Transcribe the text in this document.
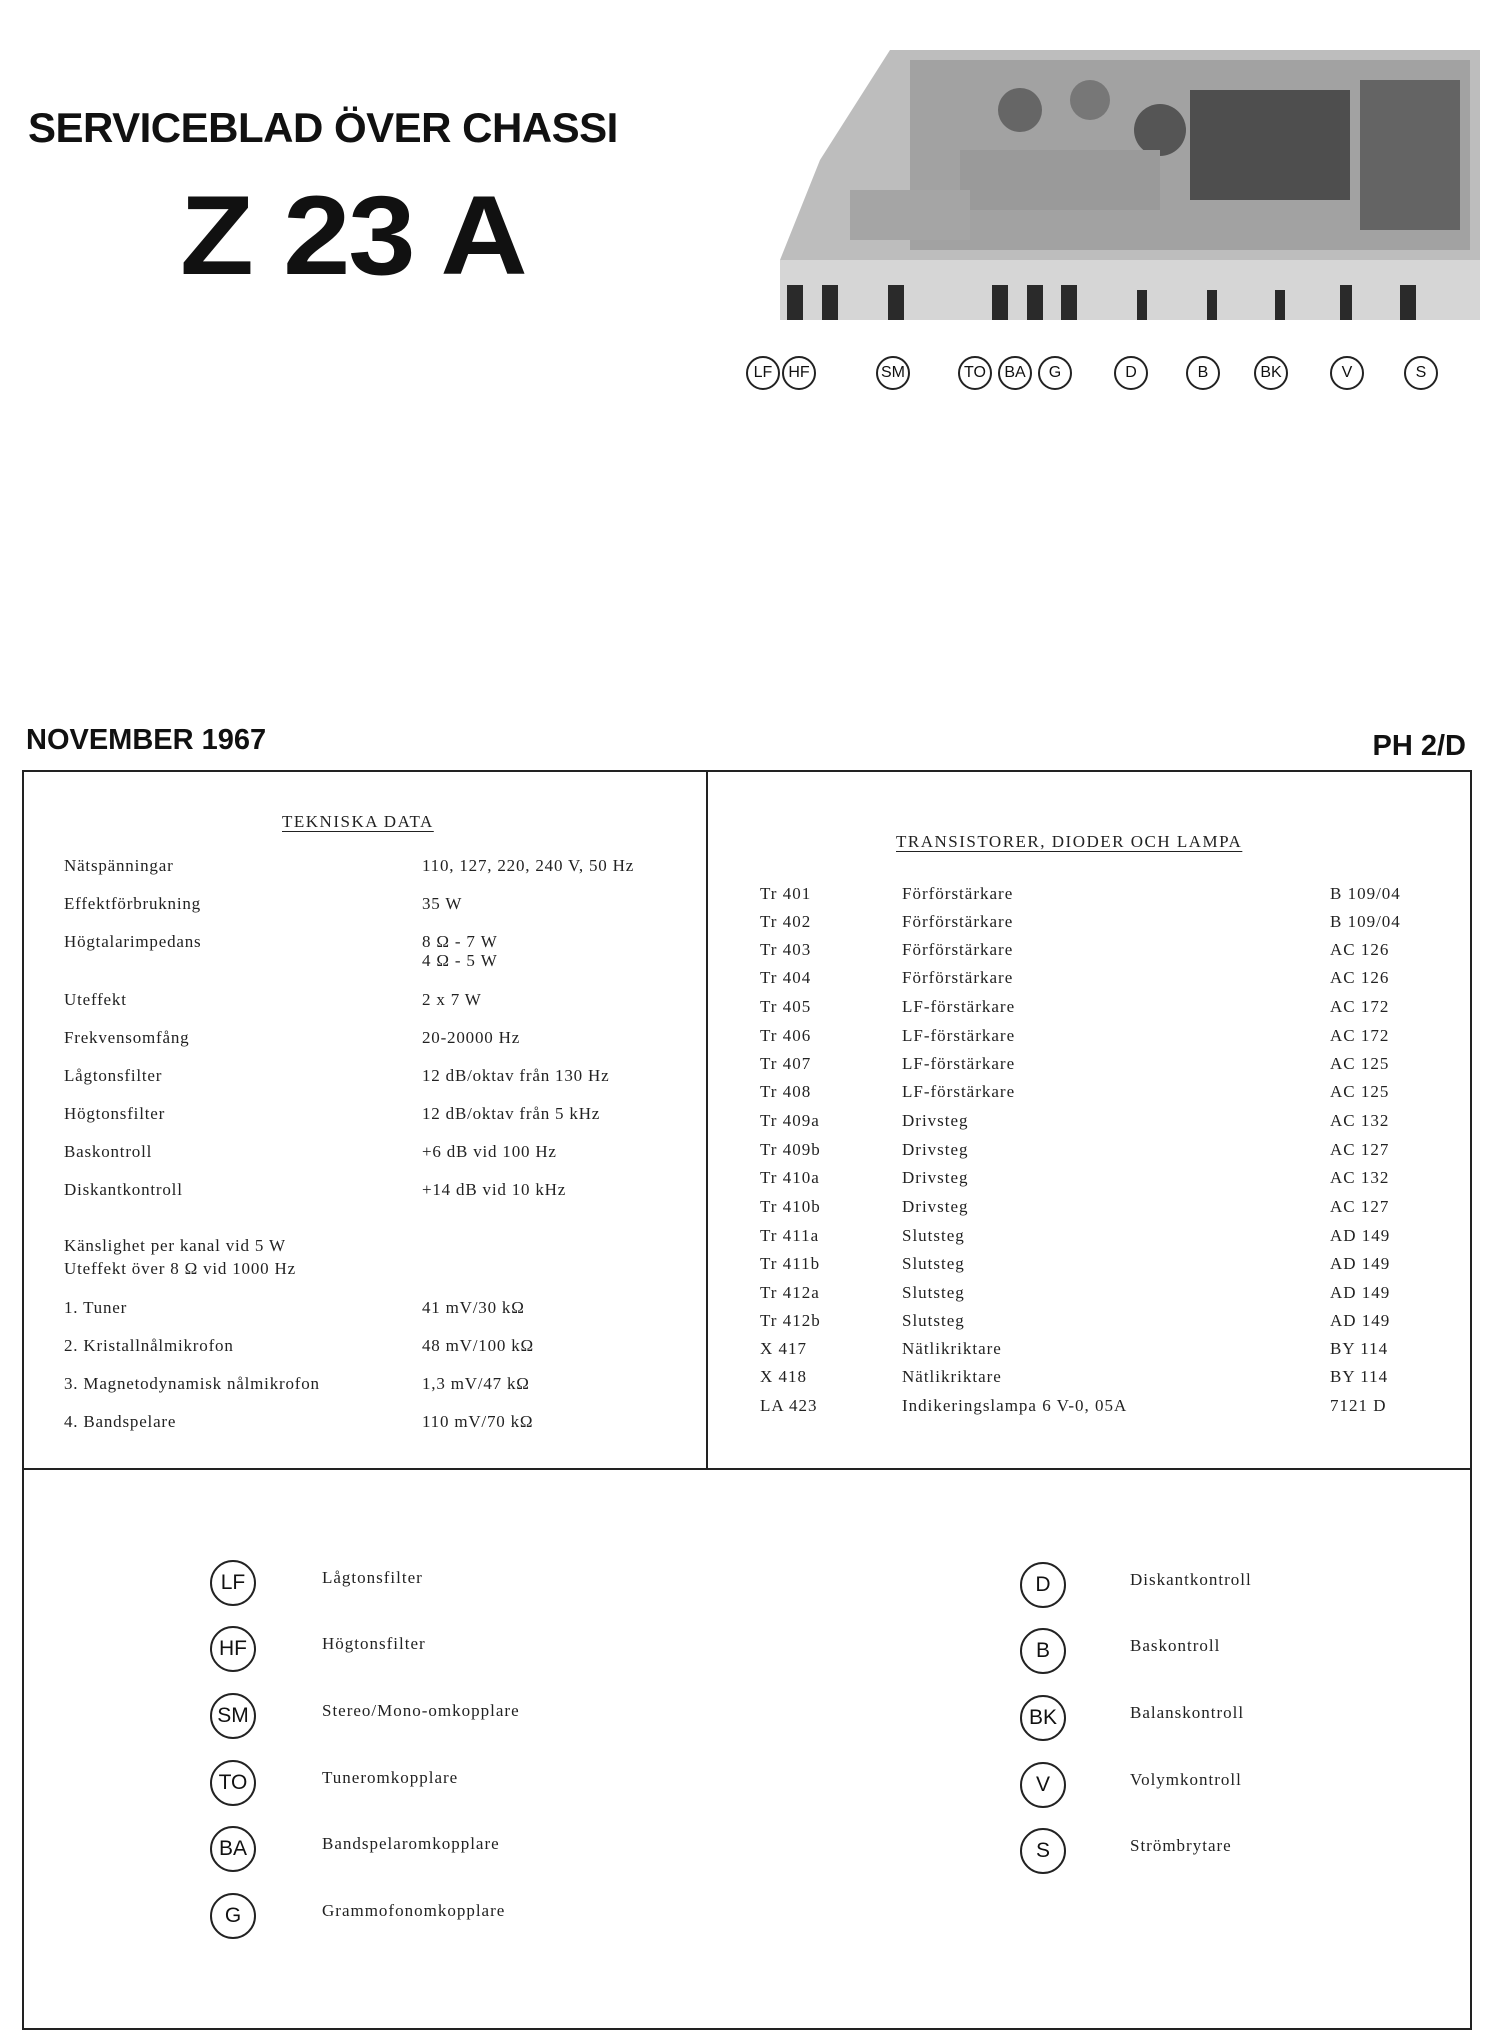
SERVICEBLAD ÖVER CHASSI
Z 23 A
LF	HF	SM	TO	BA	G	D	B	BK	V	S
NOVEMBER 1967	PH 2/D
TEKNISKA DATA
Nätspänningar	110, 127, 220, 240 V, 50 Hz
Effektförbrukning	35 W
Högtalarimpedans	8 Ω - 7 W
4 Ω - 5 W
Uteffekt	2 x 7 W
Frekvensomfång	20-20000 Hz
Lågtonsfilter	12 dB/oktav från 130 Hz
Högtonsfilter	12 dB/oktav från 5 kHz
Baskontroll	+6 dB vid 100 Hz
Diskantkontroll	+14 dB vid 10 kHz
Känslighet per kanal vid 5 W
Uteffekt över 8 Ω vid 1000 Hz
1. Tuner	41 mV/30 kΩ
2. Kristallnålmikrofon	48 mV/100 kΩ
3. Magnetodynamisk nålmikrofon	1,3 mV/47 kΩ
4. Bandspelare	110 mV/70 kΩ
TRANSISTORER, DIODER OCH LAMPA
Tr 401	Förförstärkare	B 109/04
Tr 402	Förförstärkare	B 109/04
Tr 403	Förförstärkare	AC 126
Tr 404	Förförstärkare	AC 126
Tr 405	LF-förstärkare	AC 172
Tr 406	LF-förstärkare	AC 172
Tr 407	LF-förstärkare	AC 125
Tr 408	LF-förstärkare	AC 125
Tr 409a	Drivsteg	AC 132
Tr 409b	Drivsteg	AC 127
Tr 410a	Drivsteg	AC 132
Tr 410b	Drivsteg	AC 127
Tr 411a	Slutsteg	AD 149
Tr 411b	Slutsteg	AD 149
Tr 412a	Slutsteg	AD 149
Tr 412b	Slutsteg	AD 149
X 417	Nätlikriktare	BY 114
X 418	Nätlikriktare	BY 114
LA 423	Indikeringslampa 6 V-0, 05A	7121 D
LF	Lågtonsfilter
HF	Högtonsfilter
SM	Stereo/Mono-omkopplare
TO	Tuneromkopplare
BA	Bandspelaromkopplare
G	Grammofonomkopplare
D	Diskantkontroll
B	Baskontroll
BK	Balanskontroll
V	Volymkontroll
S	Strömbrytare
